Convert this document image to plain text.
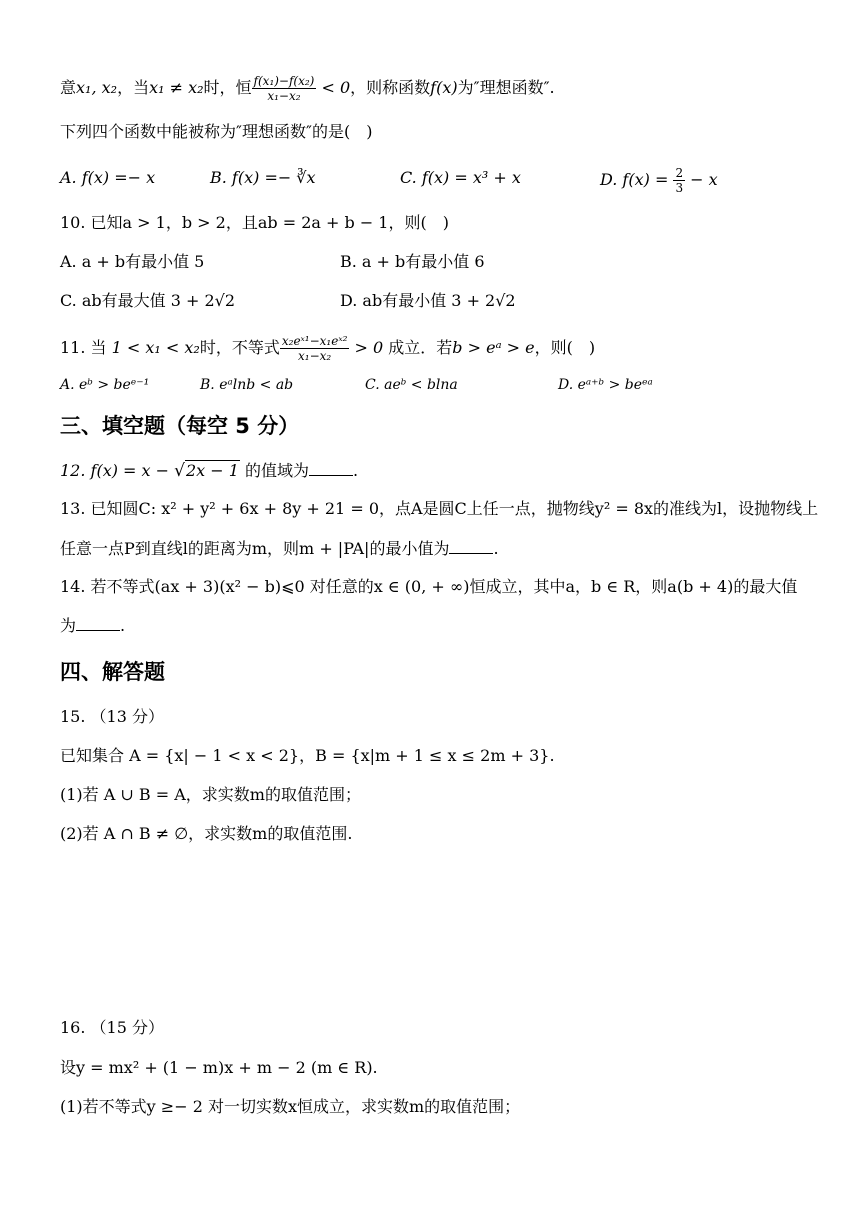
意x₁, x₂，当x₁ ≠ x₂时，恒 $\frac{\text{f(x₁)−f(x₂)}}{\text{x₁−x₂}} < 0$，则称函数f(x)为″理想函数″.
下列四个函数中能被称为″理想函数″的是(　)
A. f(x) =− x	B. f(x) =− ∛x	C. f(x) = x³ + x	D. $f(x) = \frac{2}{3} - x$
10. 已知a > 1，b > 2，且ab = 2a + b − 1，则(　)
A. a + b有最小值 5	B. a + b有最小值 6
C. ab有最大值 3 + 2√2	D. ab有最小值 3 + 2√2
11. 当 1 < x₁ < x₂时，不等式 $\frac{\text{x₂eˣ¹−x₁eˣ²}}{\text{x₁−x₂}} > 0$ 成立．若b > eᵃ > e，则(　)
A. eᵇ > beᵉ⁻¹	B. eᵃlnb < ab	C. aeᵇ < blna	D. eᵃ⁺ᵇ > beᵉᵃ
三、填空题（每空 5 分）
12. f(x) = x − √2x − 1 的值域为	.
13. 已知圆C: x² + y² + 6x + 8y + 21 = 0，点A是圆C上任一点，抛物线y² = 8x的准线为l，设抛物线上
任意一点P到直线l的距离为m，则m + |PA|的最小值为	.
14. 若不等式(ax + 3)(x² − b)⩽0 对任意的x ∈ (0, + ∞)恒成立，其中a，b ∈ R，则a(b + 4)的最大值
为	.
四、解答题
15. （13 分）
已知集合 A = {x| − 1 < x < 2}，B = {x|m + 1 ≤ x ≤ 2m + 3}.
(1)若 A ∪ B = A，求实数m的取值范围；
(2)若 A ∩ B ≠ ∅，求实数m的取值范围.
16. （15 分）
设y = mx² + (1 − m)x + m − 2 (m ∈ R).
(1)若不等式y ≥− 2 对一切实数x恒成立，求实数m的取值范围；
